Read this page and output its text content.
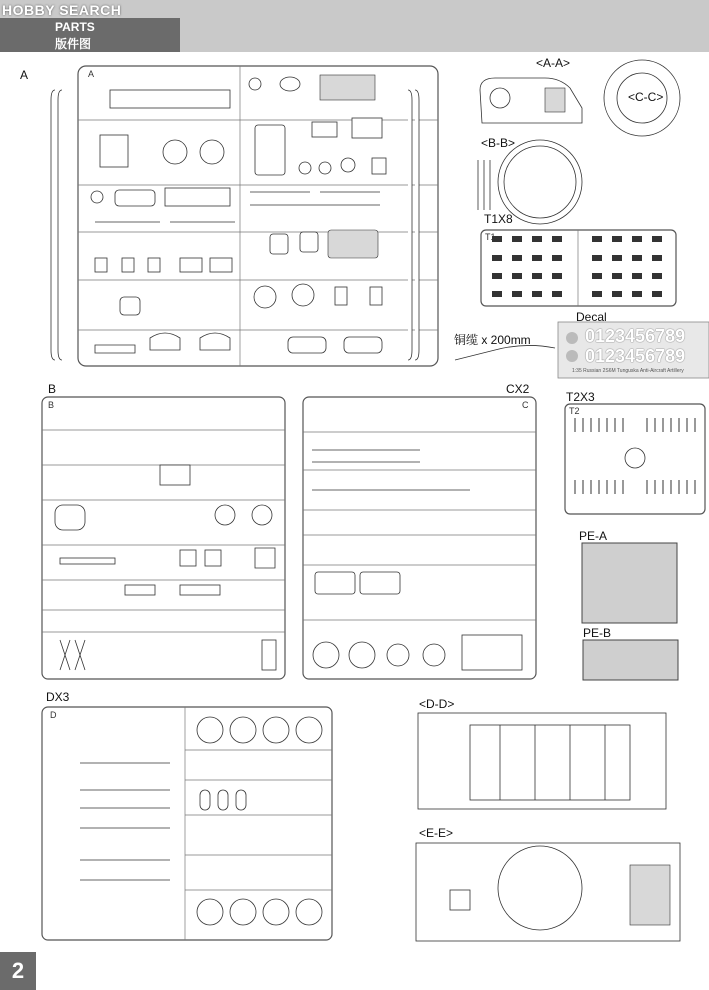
HOBBY SEARCH
PARTS
版件图
A	A
<A-A>
<C-C>
<B-B>
T1X8
T1
Decal
0123456789
0123456789
1:35 Russian 2S6M Tunguska Anti-Aircraft Artillery
铜缆 x 200mm
B
B
CX2
C
T2X3
T2
PE-A
PE-B
DX3
D
<D-D>
<E-E>
2
